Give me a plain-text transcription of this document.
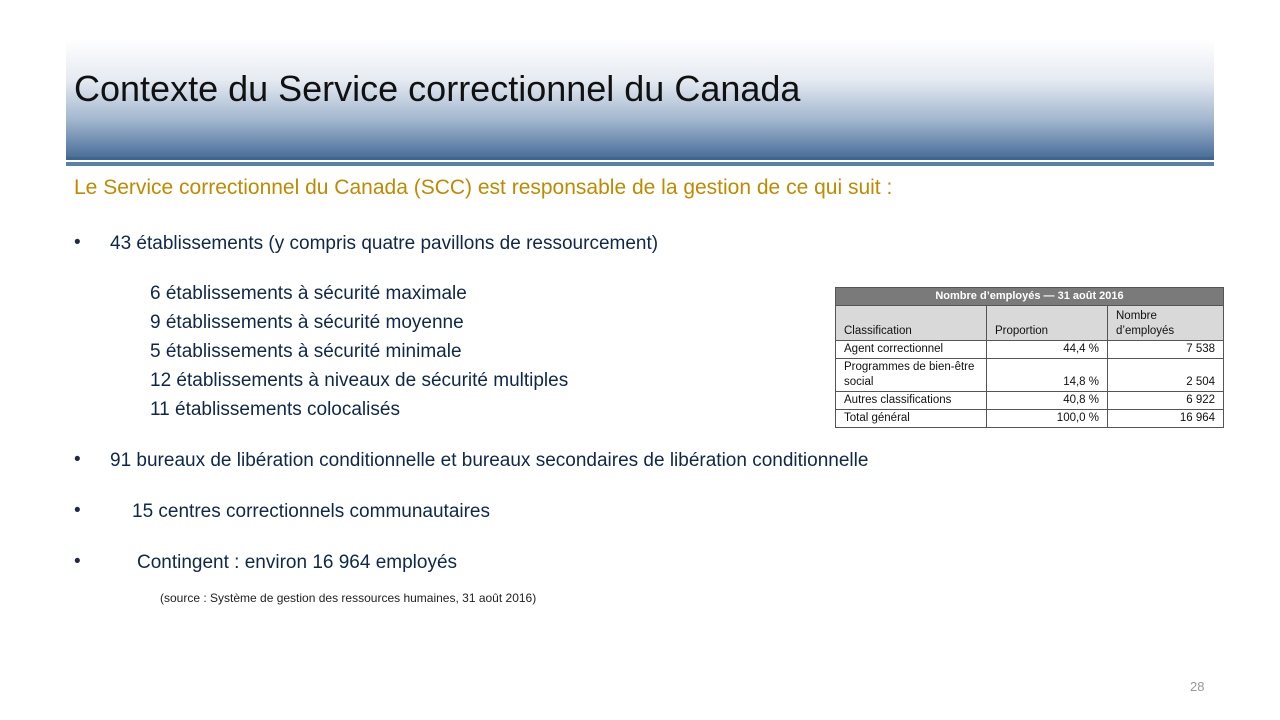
Contexte du Service correctionnel du Canada
Le Service correctionnel du Canada (SCC) est responsable de la gestion de ce qui suit :
• 43 établissements (y compris quatre pavillons de ressourcement)
6 établissements à sécurité maximale
9 établissements à sécurité moyenne
5 établissements à sécurité minimale
12 établissements à niveaux de sécurité multiples
11 établissements colocalisés
• 91 bureaux de libération conditionnelle et bureaux secondaires de libération conditionnelle
•	15 centres correctionnels communautaires
•	Contingent : environ 16 964 employés
(source : Système de gestion des ressources humaines, 31 août 2016)
Nombre d’employés — 31 août 2016		
Classification	Proportion	Nombre d’employés
Agent correctionnel	44,4 %	7 538
Programmes de bien-être social	14,8 %	2 504
Autres classifications	40,8 %	6 922
Total général	100,0 %	16 964
28
